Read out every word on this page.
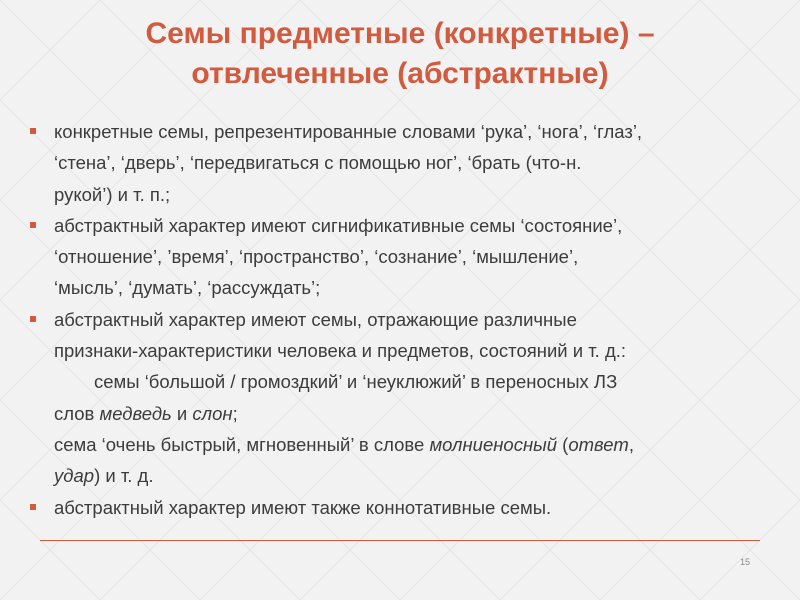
Семы предметные (конкретные) –
отвлеченные (абстрактные)
конкретные семы, репрезентированные словами ‘рука’, ‘нога’, ‘глаз’,
‘стена’, ‘дверь’, ‘передвигаться с помощью ног’, ‘брать (что-н.
рукой’) и т. п.;
абстрактный характер имеют сигнификативные семы ‘состояние’,
‘отношение’, ’время’, ‘пространство’, ‘сознание’, ‘мышление’,
‘мысль’, ‘думать’, ‘рассуждать’;
абстрактный характер имеют семы, отражающие различные
признаки-характеристики человека и предметов, состояний и т. д.:
семы ‘большой / громоздкий’ и ‘неуклюжий’ в переносных ЛЗ
слов медведь и слон;
сема ‘очень быстрый, мгновенный’ в слове молниеносный (ответ,
удар) и т. д.
абстрактный характер имеют также коннотативные семы.
15
